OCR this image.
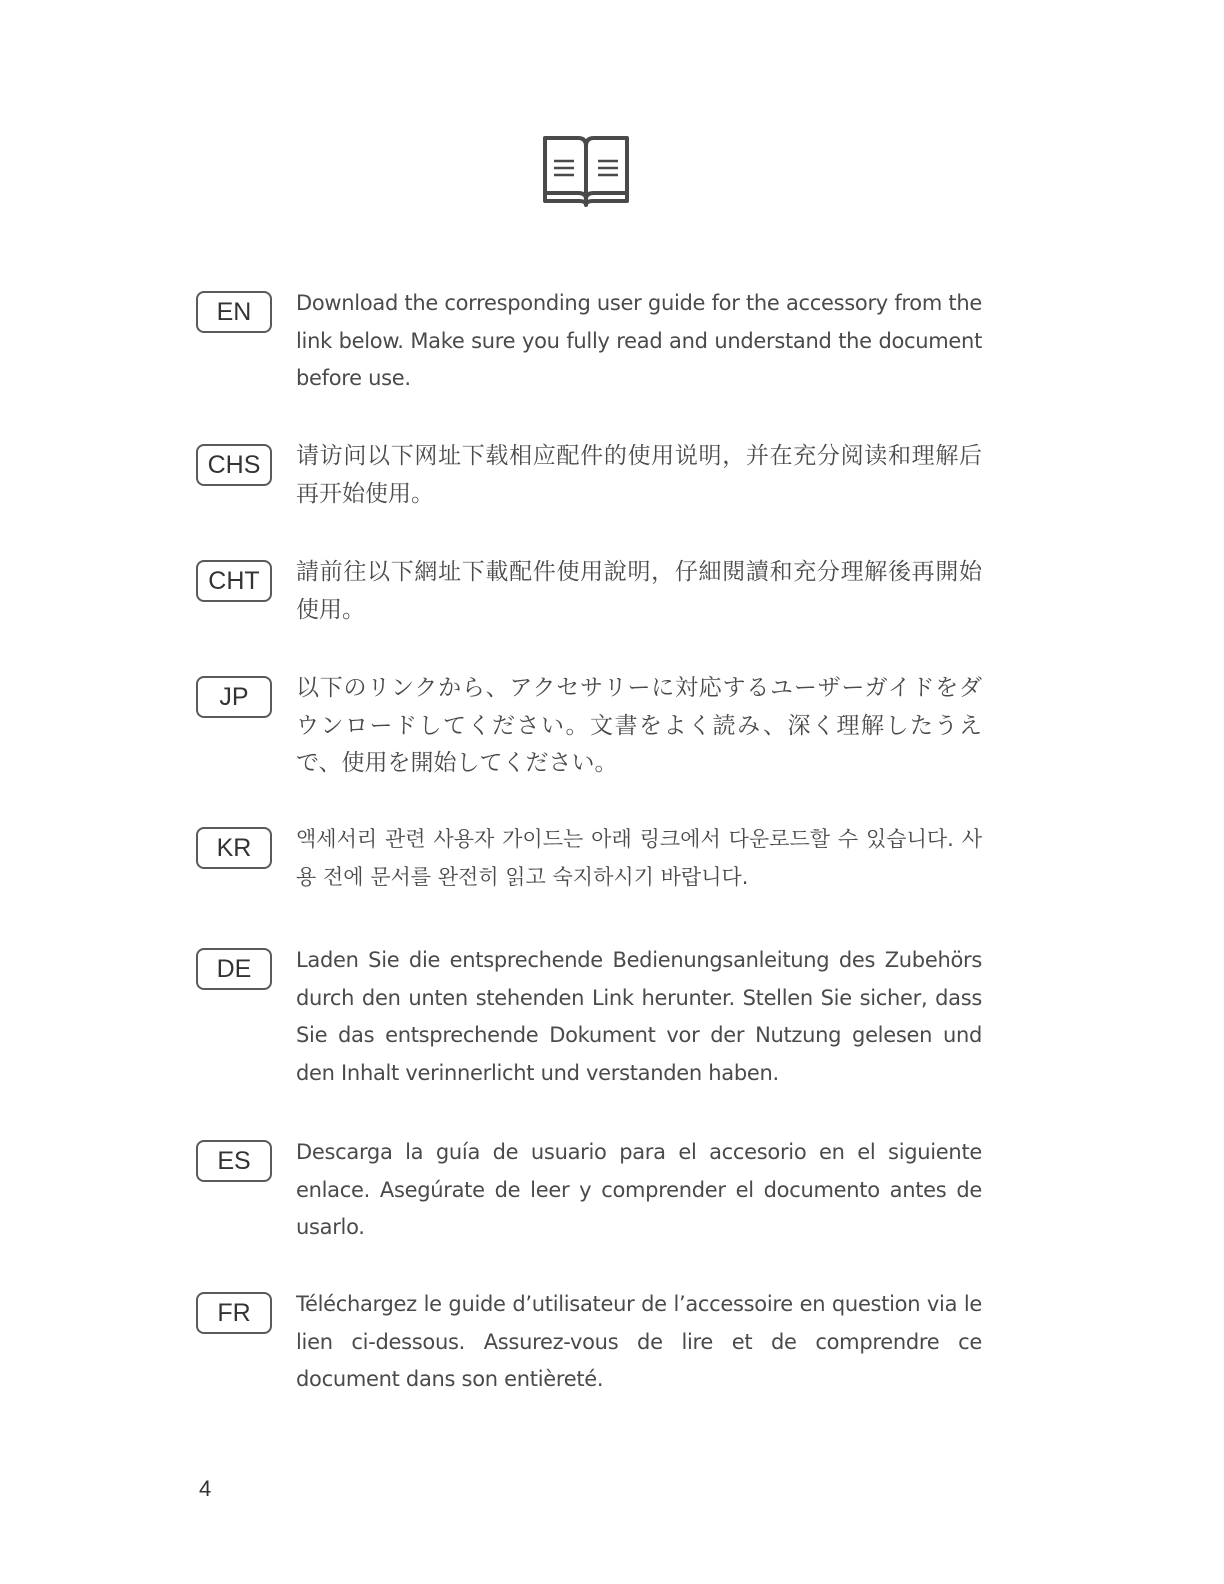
EN	Download the corresponding user guide for the accessory from the link below. Make sure you fully read and understand the document before use.

CHS	请访问以下网址下载相应配件的使用说明，并在充分阅读和理解后再开始使用。

CHT	請前往以下網址下載配件使用說明，仔細閱讀和充分理解後再開始使用。

JP	以下のリンクから、アクセサリーに対応するユーザーガイドをダウンロードしてください。文書をよく読み、深く理解したうえで、使用を開始してください。

KR	액세서리 관련 사용자 가이드는 아래 링크에서 다운로드할 수 있습니다. 사용 전에 문서를 완전히 읽고 숙지하시기 바랍니다.

DE	Laden Sie die entsprechende Bedienungsanleitung des Zubehörs durch den unten stehenden Link herunter. Stellen Sie sicher, dass Sie das entsprechende Dokument vor der Nutzung gelesen und den Inhalt verinnerlicht und verstanden haben.

ES	Descarga la guía de usuario para el accesorio en el siguiente enlace. Asegúrate de leer y comprender el documento antes de usarlo.

FR	Téléchargez le guide d’utilisateur de l’accessoire en question via le lien ci-dessous. Assurez-vous de lire et de comprendre ce document dans son entièreté.

4
